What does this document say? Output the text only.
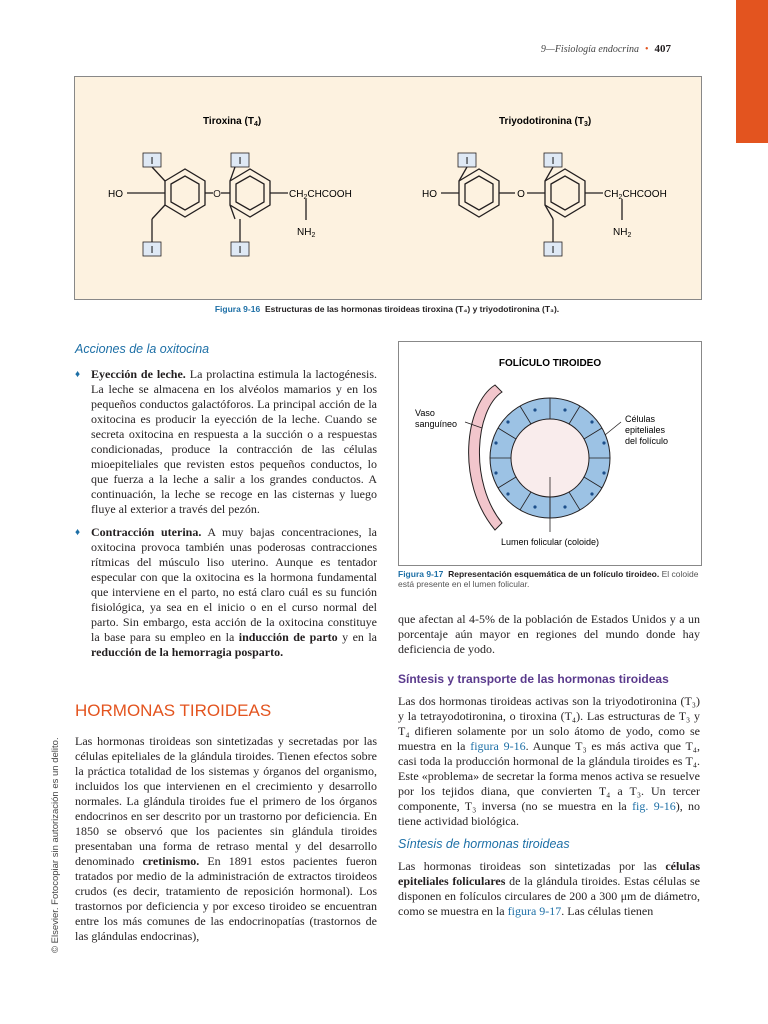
9—Fisiología endocrina • 407
Tiroxina $(T_4)$	Triyodotironina $(T_3)$
I
I
I
I
HO	O	$CH_2CHCOOH$
$NH_2$
I	I
I
HO	O	$CH_2CHCOOH$
$NH_2$
Figura 9-16 Estructuras de las hormonas tiroideas tiroxina (T₄) y triyodotironina (T₃).

Acciones de la oxitocina

♦ Eyección de leche. La prolactina estimula la lactogénesis. La leche se almacena en los alvéolos mamarios y en los pequeños conductos galactóforos. La principal acción de la oxitocina es producir la eyección de la leche. Cuando se secreta oxitocina en respuesta a la succión o a respuestas condicionadas, produce la contracción de las células mioepiteliales que revisten estos pequeños conductos, lo que fuerza a la leche a salir a los grandes conductos. A continuación, la leche se recoge en las cisternas y luego fluye al exterior a través del pezón.

♦ Contracción uterina. A muy bajas concentraciones, la oxitocina provoca también unas poderosas contracciones rítmicas del músculo liso uterino. Aunque es tentador especular con que la oxitocina es la hormona fundamental que interviene en el parto, no está claro cuál es su función fisiológica, ya sea en el inicio o en el curso normal del parto. Sin embargo, esta acción de la oxitocina constituye la base para su empleo en la inducción de parto y en la reducción de la hemorragia posparto.

HORMONAS TIROIDEAS

Las hormonas tiroideas son sintetizadas y secretadas por las células epiteliales de la glándula tiroides. Tienen efectos sobre la práctica totalidad de los sistemas y órganos del organismo, incluidos los que intervienen en el crecimiento y desarrollo normales. La glándula tiroides fue el primero de los órganos endocrinos en ser descrito por un trastorno por deficiencia. En 1850 se observó que los pacientes sin glándula tiroides presentaban una forma de retraso mental y del desarrollo denominado cretinismo. En 1891 estos pacientes fueron tratados por medio de la administración de extractos tiroideos crudos (es decir, tratamiento de reposición hormonal). Los trastornos por deficiencia y por exceso tiroideo se encuentran entre los más comunes de las endocrinopatías (trastornos de las glándulas endocrinas),

© Elsevier. Fotocopiar sin autorización es un delito.
FOLÍCULO TIROIDEO
Vaso sanguíneo	Células epiteliales del folículo
Lumen folicular (coloide)
Figura 9-17 Representación esquemática de un folículo tiroideo. El coloide está presente en el lumen folicular.

que afectan al 4-5% de la población de Estados Unidos y a un porcentaje aún mayor en regiones del mundo donde hay deficiencia de yodo.

Síntesis y transporte de las hormonas tiroideas

Las dos hormonas tiroideas activas son la triyodotironina (T₃) y la tetrayodotironina, o tiroxina (T₄). Las estructuras de T₃ y T₄ difieren solamente por un solo átomo de yodo, como se muestra en la figura 9-16. Aunque T₃ es más activa que T₄, casi toda la producción hormonal de la glándula tiroides es T₄. Este «problema» de secretar la forma menos activa se resuelve por los tejidos diana, que convierten T₄ a T₃. Un tercer componente, T₃ inversa (no se muestra en la fig. 9-16), no tiene actividad biológica.

Síntesis de hormonas tiroideas

Las hormonas tiroideas son sintetizadas por las células epiteliales foliculares de la glándula tiroides. Estas células se disponen en folículos circulares de 200 a 300 μm de diámetro, como se muestra en la figura 9-17. Las células tienen
